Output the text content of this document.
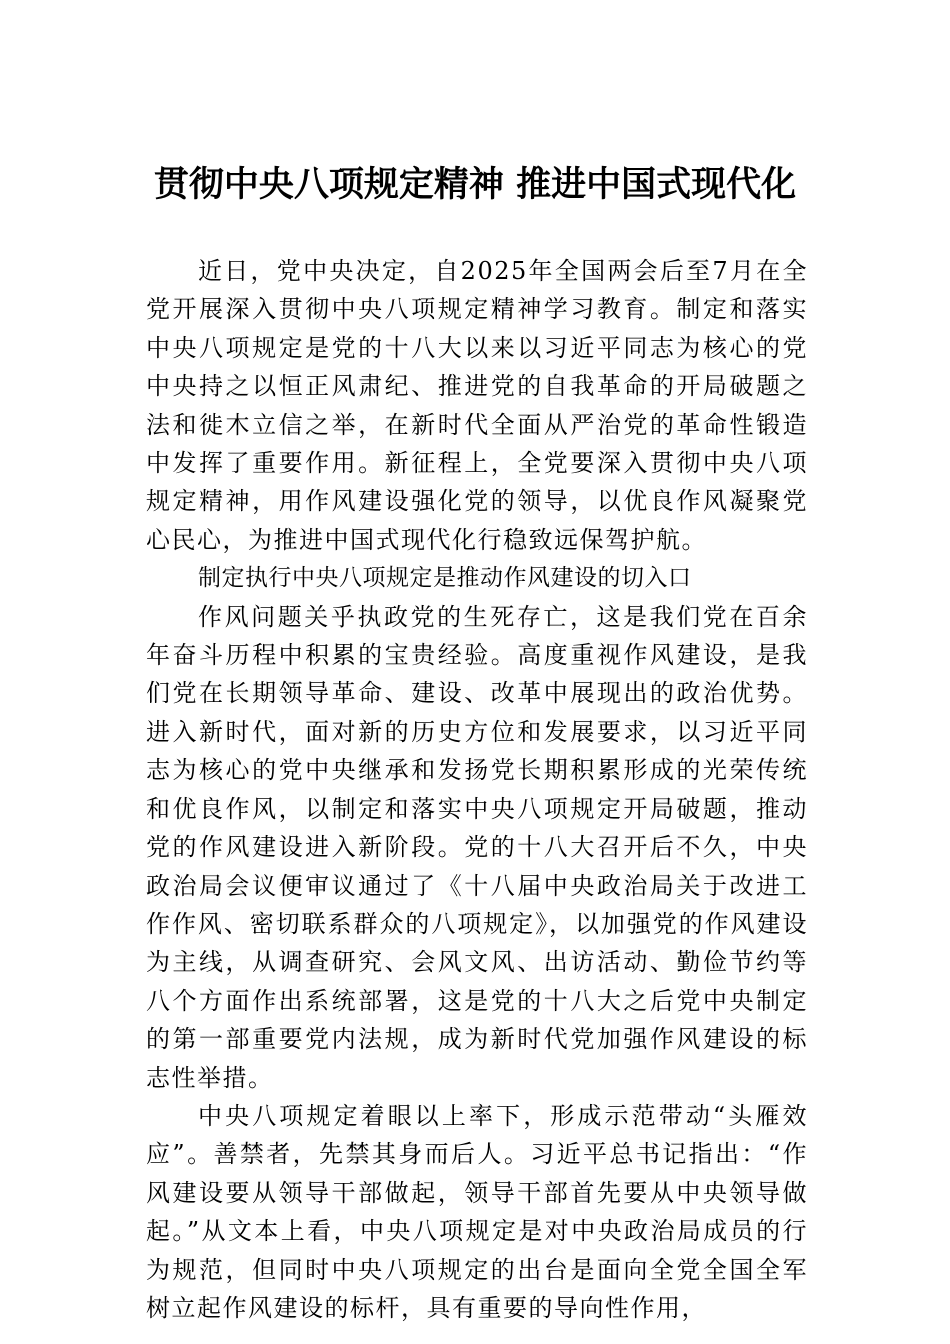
贯彻中央八项规定精神 推进中国式现代化

近日，党中央决定，自2025年全国两会后至7月在全党开展深入贯彻中央八项规定精神学习教育。制定和落实中央八项规定是党的十八大以来以习近平同志为核心的党中央持之以恒正风肃纪、推进党的自我革命的开局破题之法和徙木立信之举，在新时代全面从严治党的革命性锻造中发挥了重要作用。新征程上，全党要深入贯彻中央八项规定精神，用作风建设强化党的领导，以优良作风凝聚党心民心，为推进中国式现代化行稳致远保驾护航。

制定执行中央八项规定是推动作风建设的切入口

作风问题关乎执政党的生死存亡，这是我们党在百余年奋斗历程中积累的宝贵经验。高度重视作风建设，是我们党在长期领导革命、建设、改革中展现出的政治优势。进入新时代，面对新的历史方位和发展要求，以习近平同志为核心的党中央继承和发扬党长期积累形成的光荣传统和优良作风，以制定和落实中央八项规定开局破题，推动党的作风建设进入新阶段。党的十八大召开后不久，中央政治局会议便审议通过了《十八届中央政治局关于改进工作作风、密切联系群众的八项规定》，以加强党的作风建设为主线，从调查研究、会风文风、出访活动、勤俭节约等八个方面作出系统部署，这是党的十八大之后党中央制定的第一部重要党内法规，成为新时代党加强作风建设的标志性举措。

中央八项规定着眼以上率下，形成示范带动“头雁效应”。善禁者，先禁其身而后人。习近平总书记指出：“作风建设要从领导干部做起，领导干部首先要从中央领导做起。”从文本上看，中央八项规定是对中央政治局成员的行为规范，但同时中央八项规定的出台是面向全党全国全军树立起作风建设的标杆，具有重要的导向性作用，
